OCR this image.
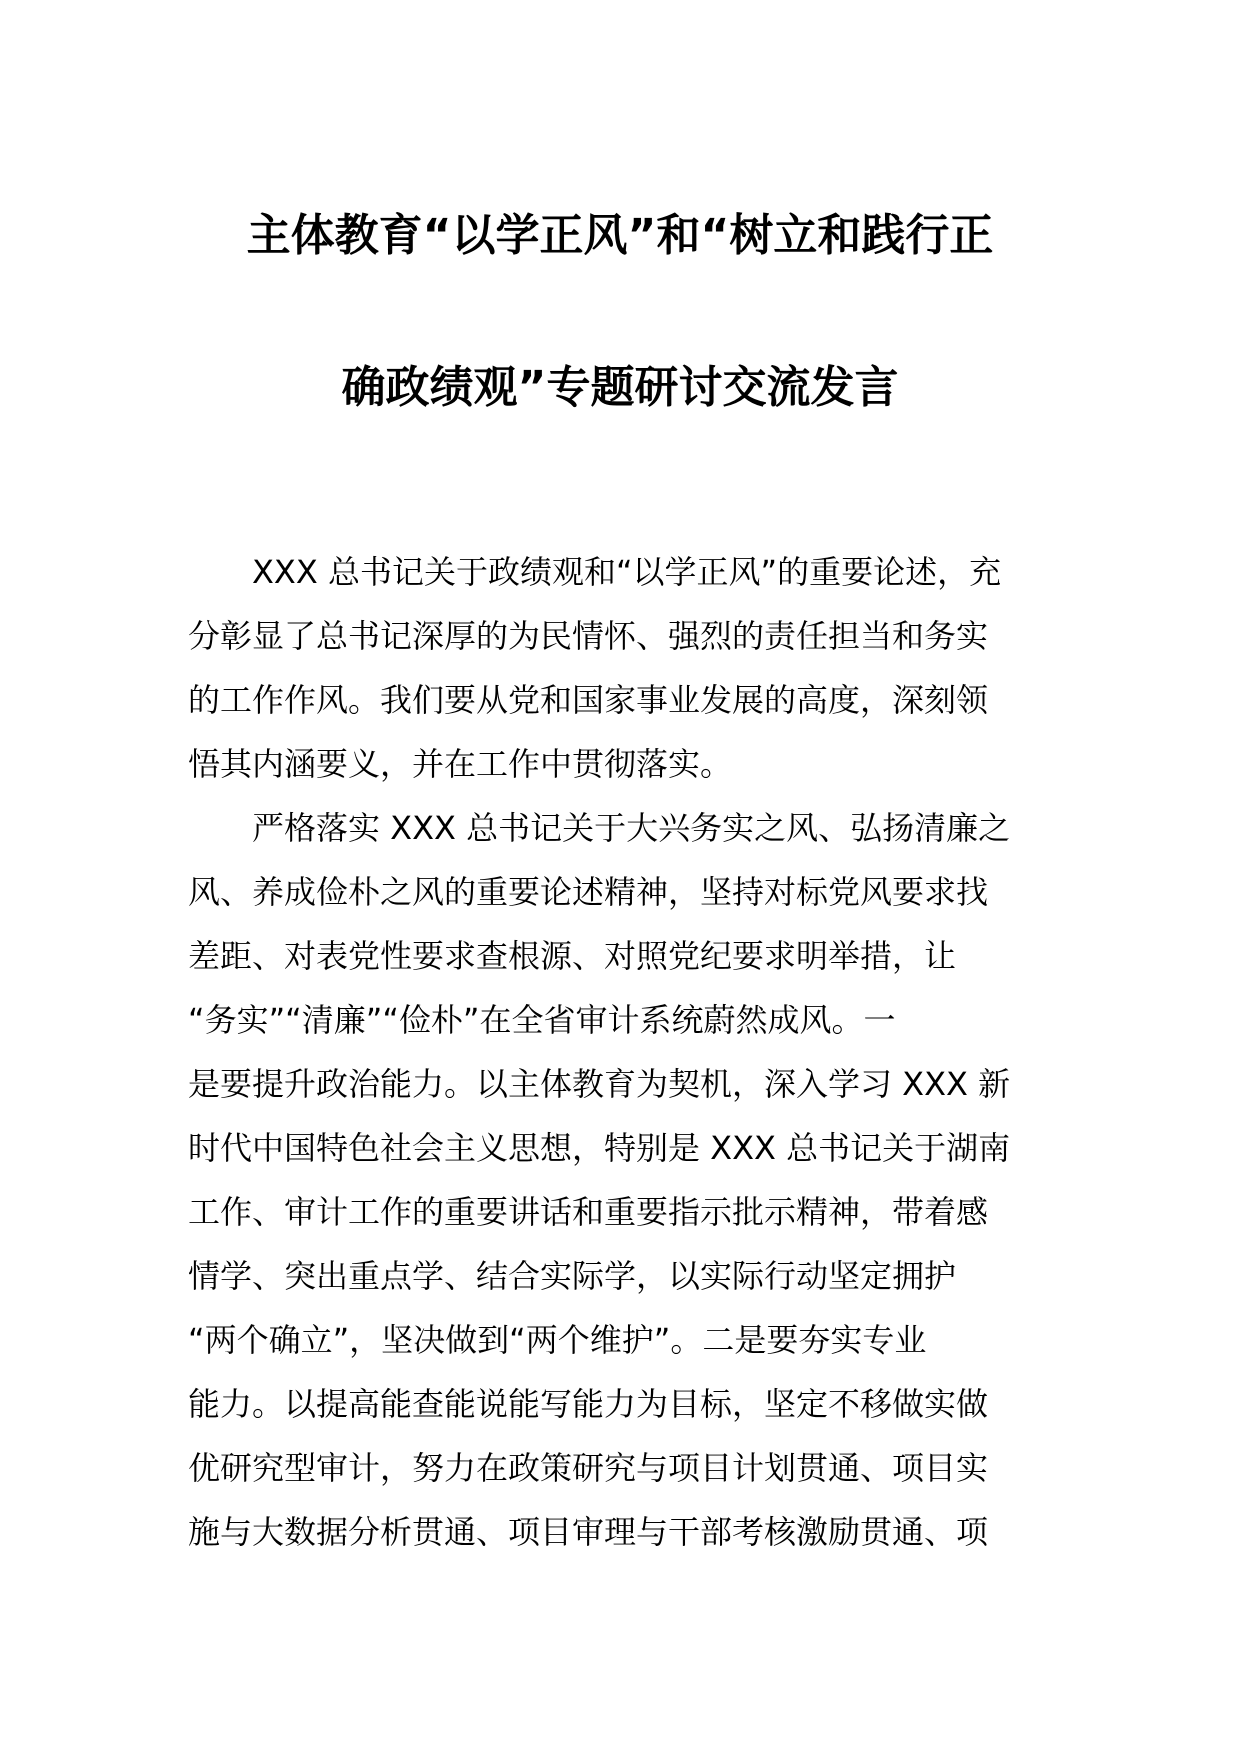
主体教育“以学正风”和“树立和践行正
确政绩观”专题研讨交流发言
XXX 总书记关于政绩观和“以学正风”的重要论述，充
分彰显了总书记深厚的为民情怀、强烈的责任担当和务实
的工作作风。我们要从党和国家事业发展的高度，深刻领
悟其内涵要义，并在工作中贯彻落实。
严格落实 XXX 总书记关于大兴务实之风、弘扬清廉之
风、养成俭朴之风的重要论述精神，坚持对标党风要求找
差距、对表党性要求查根源、对照党纪要求明举措，让
“务实”“清廉”“俭朴”在全省审计系统蔚然成风。一
是要提升政治能力。以主体教育为契机，深入学习 XXX 新
时代中国特色社会主义思想，特别是 XXX 总书记关于湖南
工作、审计工作的重要讲话和重要指示批示精神，带着感
情学、突出重点学、结合实际学，以实际行动坚定拥护
“两个确立”，坚决做到“两个维护”。二是要夯实专业
能力。以提高能查能说能写能力为目标，坚定不移做实做
优研究型审计，努力在政策研究与项目计划贯通、项目实
施与大数据分析贯通、项目审理与干部考核激励贯通、项
